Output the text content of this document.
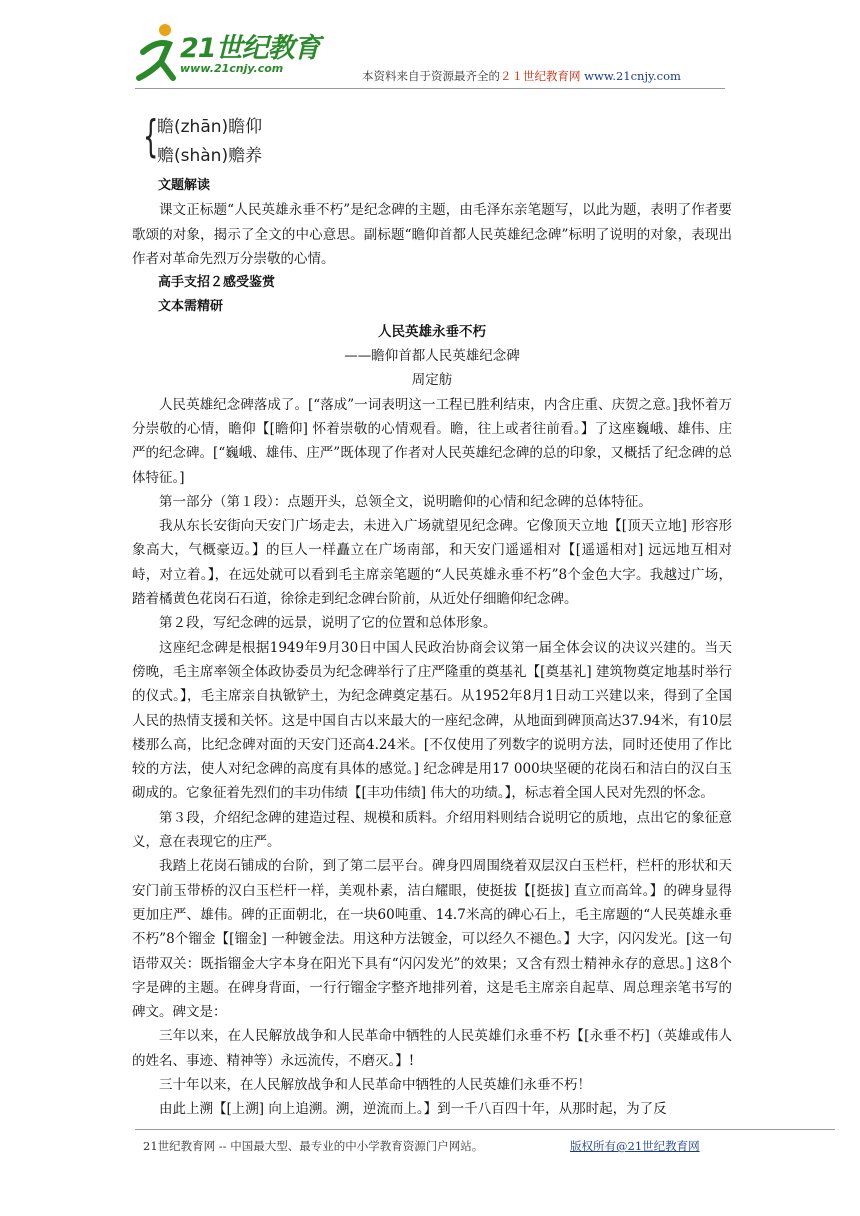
21世纪教育
www.21cnjy.com
本资料来自于资源最齐全的２１世纪教育网 www.21cnjy.com
{
瞻(zhān)瞻仰
赡(shàn)赡养

文题解读

课文正标题“人民英雄永垂不朽”是纪念碑的主题，由毛泽东亲笔题写，以此为题，表明了作者要歌颂的对象，揭示了全文的中心意思。副标题“瞻仰首都人民英雄纪念碑”标明了说明的对象，表现出作者对革命先烈万分崇敬的心情。

高手支招２感受鉴赏

文本需精研

人民英雄永垂不朽

——瞻仰首都人民英雄纪念碑

周定舫

人民英雄纪念碑落成了。[“落成”一词表明这一工程已胜利结束，内含庄重、庆贺之意。]我怀着万分崇敬的心情，瞻仰【[瞻仰] 怀着崇敬的心情观看。瞻，往上或者往前看。】了这座巍峨、雄伟、庄严的纪念碑。[“巍峨、雄伟、庄严”既体现了作者对人民英雄纪念碑的总的印象，又概括了纪念碑的总体特征。]

第一部分（第１段）：点题开头，总领全文，说明瞻仰的心情和纪念碑的总体特征。

我从东长安街向天安门广场走去，未进入广场就望见纪念碑。它像顶天立地【[顶天立地] 形容形象高大，气概豪迈。】的巨人一样矗立在广场南部，和天安门遥遥相对【[遥遥相对] 远远地互相对峙，对立着。】，在远处就可以看到毛主席亲笔题的“人民英雄永垂不朽”8个金色大字。我越过广场，踏着橘黄色花岗石石道，徐徐走到纪念碑台阶前，从近处仔细瞻仰纪念碑。

第２段，写纪念碑的远景，说明了它的位置和总体形象。

这座纪念碑是根据1949年9月30日中国人民政治协商会议第一届全体会议的决议兴建的。当天傍晚，毛主席率领全体政协委员为纪念碑举行了庄严隆重的奠基礼【[奠基礼] 建筑物奠定地基时举行的仪式。】，毛主席亲自执锨铲土，为纪念碑奠定基石。从1952年8月1日动工兴建以来，得到了全国人民的热情支援和关怀。这是中国自古以来最大的一座纪念碑，从地面到碑顶高达37.94米，有10层楼那么高，比纪念碑对面的天安门还高4.24米。[不仅使用了列数字的说明方法，同时还使用了作比较的方法，使人对纪念碑的高度有具体的感觉。] 纪念碑是用17 000块坚硬的花岗石和洁白的汉白玉砌成的。它象征着先烈们的丰功伟绩【[丰功伟绩] 伟大的功绩。】，标志着全国人民对先烈的怀念。

第３段，介绍纪念碑的建造过程、规模和质料。介绍用料则结合说明它的质地，点出它的象征意义，意在表现它的庄严。

我踏上花岗石铺成的台阶，到了第二层平台。碑身四周围绕着双层汉白玉栏杆，栏杆的形状和天安门前玉带桥的汉白玉栏杆一样，美观朴素，洁白耀眼，使挺拔【[挺拔] 直立而高耸。】的碑身显得更加庄严、雄伟。碑的正面朝北，在一块60吨重、14.7米高的碑心石上，毛主席题的“人民英雄永垂不朽”8个镏金【[镏金] 一种镀金法。用这种方法镀金，可以经久不褪色。】大字，闪闪发光。[这一句语带双关：既指镏金大字本身在阳光下具有“闪闪发光”的效果；又含有烈士精神永存的意思。] 这8个字是碑的主题。在碑身背面，一行行镏金字整齐地排列着，这是毛主席亲自起草、周总理亲笔书写的碑文。碑文是：

三年以来，在人民解放战争和人民革命中牺牲的人民英雄们永垂不朽【[永垂不朽]（英雄或伟人的姓名、事迹、精神等）永远流传，不磨灭。】!

三十年以来，在人民解放战争和人民革命中牺牲的人民英雄们永垂不朽！

由此上溯【[上溯] 向上追溯。溯，逆流而上。】到一千八百四十年，从那时起，为了反

21世纪教育网 -- 中国最大型、最专业的中小学教育资源门户网站。	版权所有@21世纪教育网
